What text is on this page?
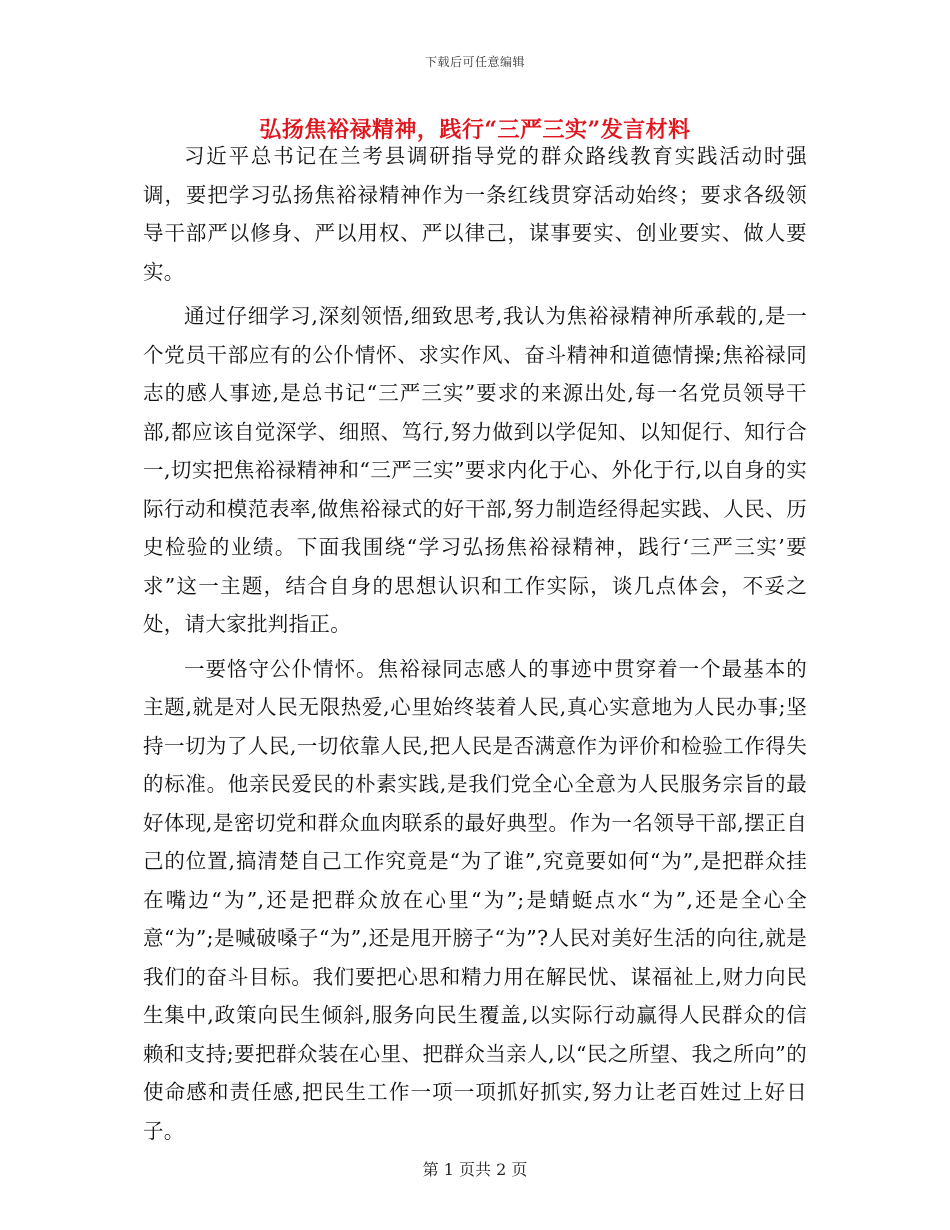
下载后可任意编辑
弘扬焦裕禄精神，践行“三严三实”发言材料

习近平总书记在兰考县调研指导党的群众路线教育实践活动时强调，要把学习弘扬焦裕禄精神作为一条红线贯穿活动始终；要求各级领导干部严以修身、严以用权、严以律己，谋事要实、创业要实、做人要实。

通过仔细学习,深刻领悟,细致思考,我认为焦裕禄精神所承载的,是一个党员干部应有的公仆情怀、求实作风、奋斗精神和道德情操;焦裕禄同志的感人事迹,是总书记“三严三实”要求的来源出处,每一名党员领导干部,都应该自觉深学、细照、笃行,努力做到以学促知、以知促行、知行合一,切实把焦裕禄精神和“三严三实”要求内化于心、外化于行,以自身的实际行动和模范表率,做焦裕禄式的好干部,努力制造经得起实践、人民、历史检验的业绩。下面我围绕“学习弘扬焦裕禄精神，践行‘三严三实’要求”这一主题，结合自身的思想认识和工作实际，谈几点体会，不妥之处，请大家批判指正。

一要恪守公仆情怀。焦裕禄同志感人的事迹中贯穿着一个最基本的主题,就是对人民无限热爱,心里始终装着人民,真心实意地为人民办事;坚持一切为了人民,一切依靠人民,把人民是否满意作为评价和检验工作得失的标准。他亲民爱民的朴素实践,是我们党全心全意为人民服务宗旨的最好体现,是密切党和群众血肉联系的最好典型。作为一名领导干部,摆正自己的位置,搞清楚自己工作究竟是“为了谁”,究竟要如何“为”,是把群众挂在嘴边“为”,还是把群众放在心里“为”;是蜻蜓点水“为”,还是全心全意“为”;是喊破嗓子“为”,还是甩开膀子“为”?人民对美好生活的向往,就是我们的奋斗目标。我们要把心思和精力用在解民忧、谋福祉上,财力向民生集中,政策向民生倾斜,服务向民生覆盖,以实际行动赢得人民群众的信赖和支持;要把群众装在心里、把群众当亲人,以“民之所望、我之所向”的使命感和责任感,把民生工作一项一项抓好抓实,努力让老百姓过上好日子。

第 1 页共 2 页
